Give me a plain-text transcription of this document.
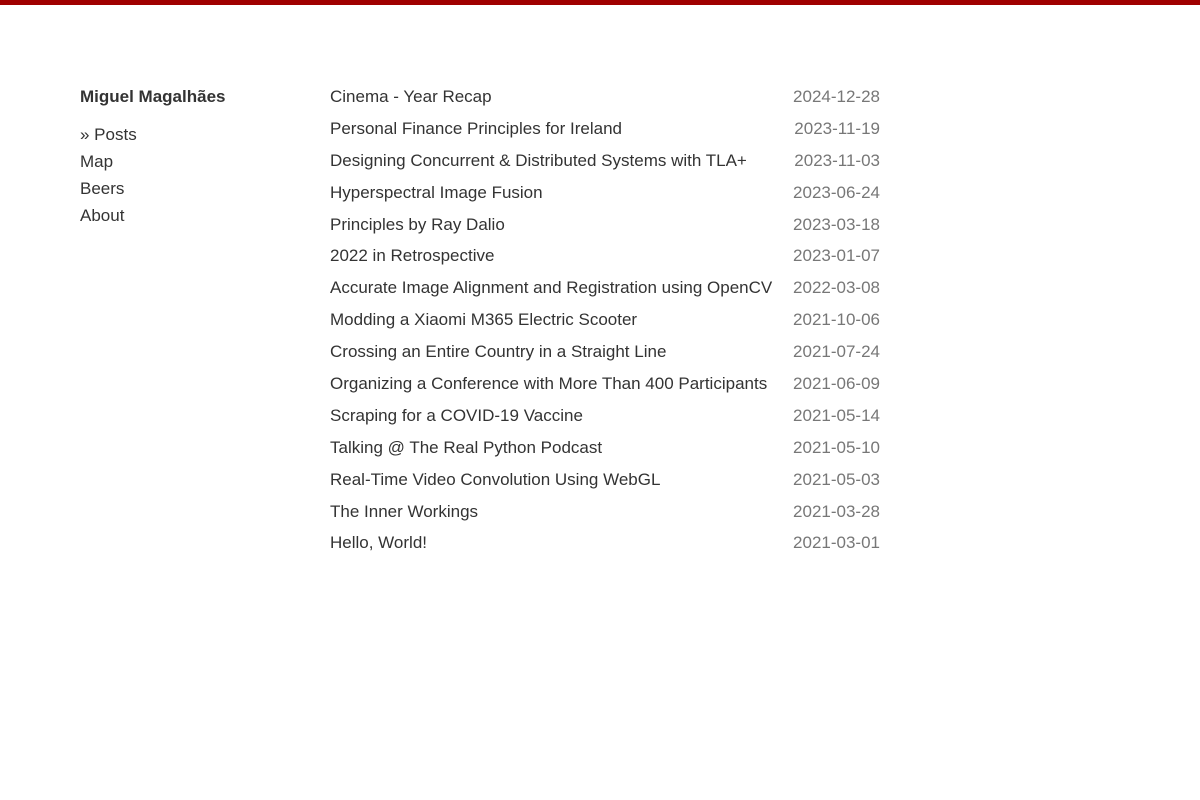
Miguel Magalhães
» Posts
Map
Beers
About
Cinema - Year Recap	2024-12-28
Personal Finance Principles for Ireland	2023-11-19
Designing Concurrent & Distributed Systems with TLA+	2023-11-03
Hyperspectral Image Fusion	2023-06-24
Principles by Ray Dalio	2023-03-18
2022 in Retrospective	2023-01-07
Accurate Image Alignment and Registration using OpenCV 2022-03-08
Modding a Xiaomi M365 Electric Scooter	2021-10-06
Crossing an Entire Country in a Straight Line	2021-07-24
Organizing a Conference with More Than 400 Participants 2021-06-09
Scraping for a COVID-19 Vaccine	2021-05-14
Talking @ The Real Python Podcast	2021-05-10
Real-Time Video Convolution Using WebGL	2021-05-03
The Inner Workings	2021-03-28
Hello, World!	2021-03-01
